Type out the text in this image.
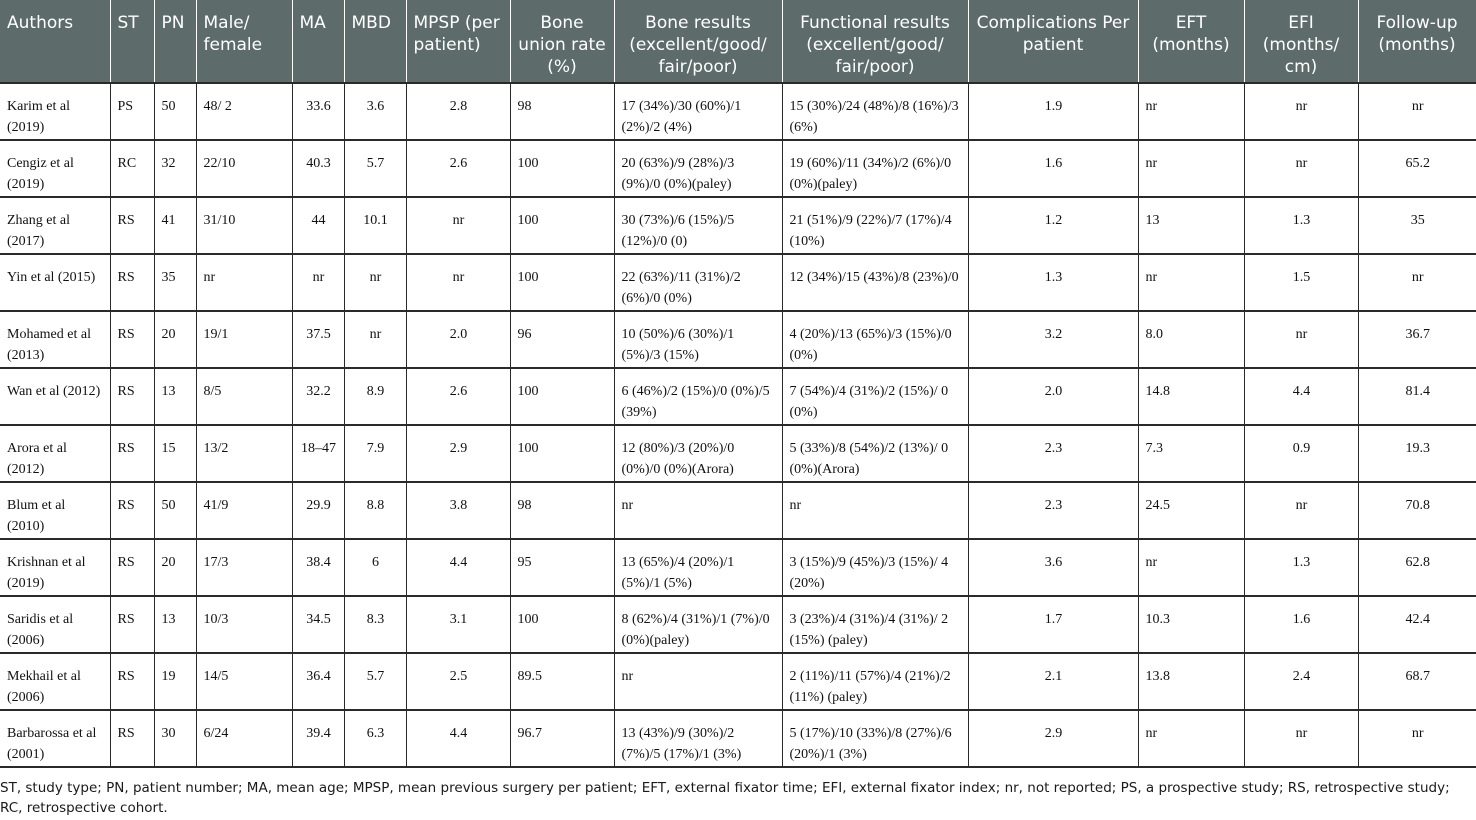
Authors	ST	PN	Male/ female	MA	MBD	MPSP (per patient)	Bone union rate (%)	Bone results (excellent/good/ fair/poor)	Functional results (excellent/good/ fair/poor)	Complications Per patient	EFT (months)	EFI (months/ cm)	Follow-up (months)
Karim et al (2019)	PS	50	48/ 2	33.6	3.6	2.8	98	17 (34%)/30 (60%)/1 (2%)/2 (4%)	15 (30%)/24 (48%)/8 (16%)/3 (6%)	1.9	nr	nr	nr
Cengiz et al (2019)	RC	32	22/10	40.3	5.7	2.6	100	20 (63%)/9 (28%)/3 (9%)/0 (0%)(paley)	19 (60%)/11 (34%)/2 (6%)/0 (0%)(paley)	1.6	nr	nr	65.2
Zhang et al (2017)	RS	41	31/10	44	10.1	nr	100	30 (73%)/6 (15%)/5 (12%)/0 (0)	21 (51%)/9 (22%)/7 (17%)/4 (10%)	1.2	13	1.3	35
Yin et al (2015)	RS	35	nr	nr	nr	nr	100	22 (63%)/11 (31%)/2 (6%)/0 (0%)	12 (34%)/15 (43%)/8 (23%)/0	1.3	nr	1.5	nr
Mohamed et al (2013)	RS	20	19/1	37.5	nr	2.0	96	10 (50%)/6 (30%)/1 (5%)/3 (15%)	4 (20%)/13 (65%)/3 (15%)/0 (0%)	3.2	8.0	nr	36.7
Wan et al (2012)	RS	13	8/5	32.2	8.9	2.6	100	6 (46%)/2 (15%)/0 (0%)/5 (39%)	7 (54%)/4 (31%)/2 (15%)/ 0 (0%)	2.0	14.8	4.4	81.4
Arora et al (2012)	RS	15	13/2	18–47	7.9	2.9	100	12 (80%)/3 (20%)/0 (0%)/0 (0%)(Arora)	5 (33%)/8 (54%)/2 (13%)/ 0 (0%)(Arora)	2.3	7.3	0.9	19.3
Blum et al (2010)	RS	50	41/9	29.9	8.8	3.8	98	nr	nr	2.3	24.5	nr	70.8
Krishnan et al (2019)	RS	20	17/3	38.4	6	4.4	95	13 (65%)/4 (20%)/1 (5%)/1 (5%)	3 (15%)/9 (45%)/3 (15%)/ 4 (20%)	3.6	nr	1.3	62.8
Saridis et al (2006)	RS	13	10/3	34.5	8.3	3.1	100	8 (62%)/4 (31%)/1 (7%)/0 (0%)(paley)	3 (23%)/4 (31%)/4 (31%)/ 2 (15%) (paley)	1.7	10.3	1.6	42.4
Mekhail et al (2006)	RS	19	14/5	36.4	5.7	2.5	89.5	nr	2 (11%)/11 (57%)/4 (21%)/2 (11%) (paley)	2.1	13.8	2.4	68.7
Barbarossa et al (2001)	RS	30	6/24	39.4	6.3	4.4	96.7	13 (43%)/9 (30%)/2 (7%)/5 (17%)/1 (3%)	5 (17%)/10 (33%)/8 (27%)/6 (20%)/1 (3%)	2.9	nr	nr	nr
ST, study type; PN, patient number; MA, mean age; MPSP, mean previous surgery per patient; EFT, external fixator time; EFI, external fixator index; nr, not reported; PS, a prospective study; RS, retrospective study; RC, retrospective cohort.
